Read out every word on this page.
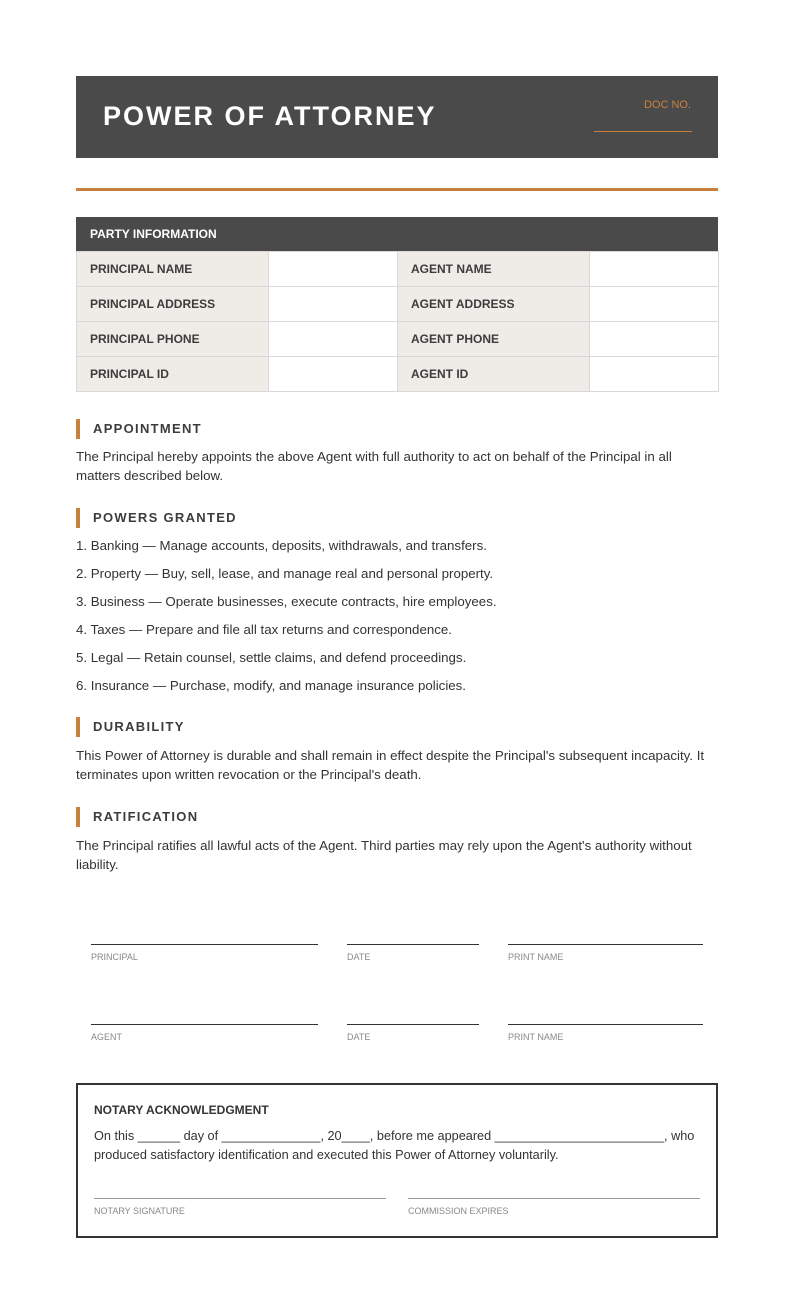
POWER OF ATTORNEY	DOC NO.
PARTY INFORMATION
PRINCIPAL NAME		AGENT NAME	
PRINCIPAL ADDRESS		AGENT ADDRESS	
PRINCIPAL PHONE		AGENT PHONE	
PRINCIPAL ID		AGENT ID	
APPOINTMENT
The Principal hereby appoints the above Agent with full authority to act on behalf of the Principal in all matters described below.
POWERS GRANTED
1. Banking — Manage accounts, deposits, withdrawals, and transfers.
2. Property — Buy, sell, lease, and manage real and personal property.
3. Business — Operate businesses, execute contracts, hire employees.
4. Taxes — Prepare and file all tax returns and correspondence.
5. Legal — Retain counsel, settle claims, and defend proceedings.
6. Insurance — Purchase, modify, and manage insurance policies.
DURABILITY
This Power of Attorney is durable and shall remain in effect despite the Principal's subsequent incapacity. It terminates upon written revocation or the Principal's death.
RATIFICATION
The Principal ratifies all lawful acts of the Agent. Third parties may rely upon the Agent's authority without liability.
PRINCIPAL	DATE	PRINT NAME
AGENT	DATE	PRINT NAME
NOTARY ACKNOWLEDGMENT
On this ______ day of ______________, 20____, before me appeared ________________________, who produced satisfactory identification and executed this Power of Attorney voluntarily.
NOTARY SIGNATURE	COMMISSION EXPIRES
